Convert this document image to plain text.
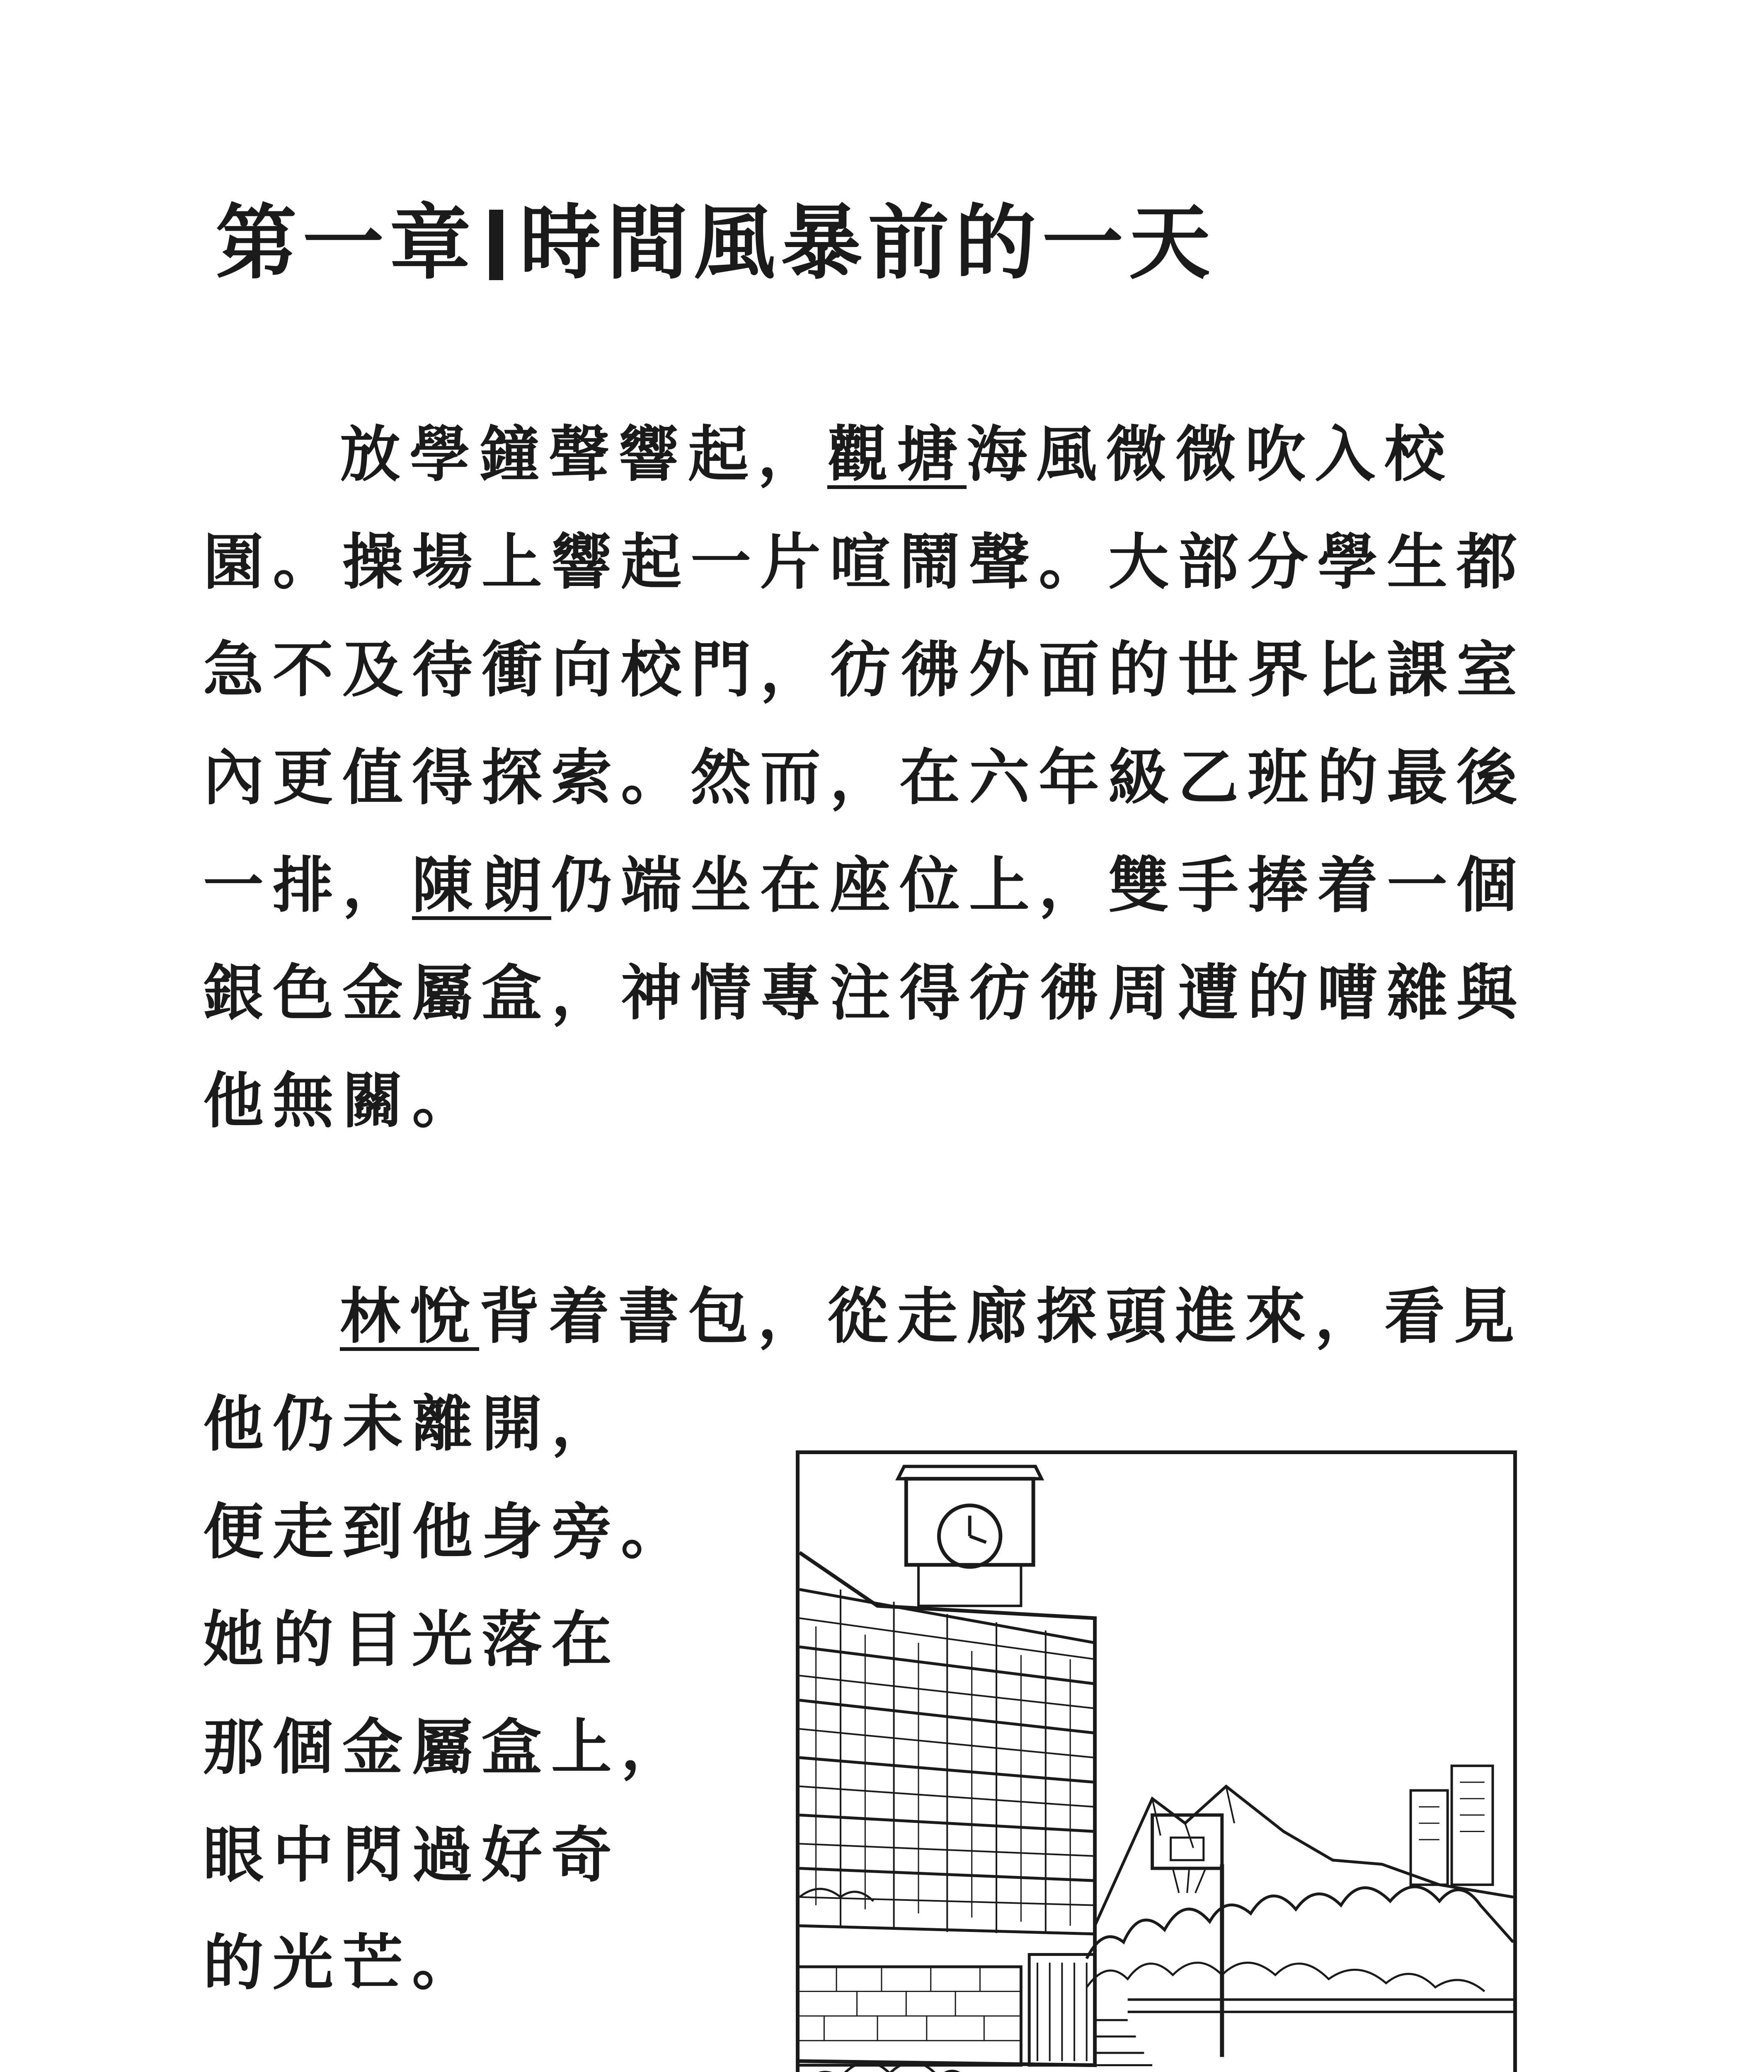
第一章 時間風暴前的一天
放學鐘聲響起，觀塘海風微微吹入校
園。操場上響起一片喧鬧聲。大部分學生都
急不及待衝向校門，彷彿外面的世界比課室
內更值得探索。然而，在六年級乙班的最後
一排，陳朗仍端坐在座位上，雙手捧着一個
銀色金屬盒，神情專注得彷彿周遭的嘈雜與
他無關。
林悅背着書包，從走廊探頭進來，看見
他仍未離開，
便走到他身旁。
她的目光落在
那個金屬盒上，
眼中閃過好奇
的光芒。
